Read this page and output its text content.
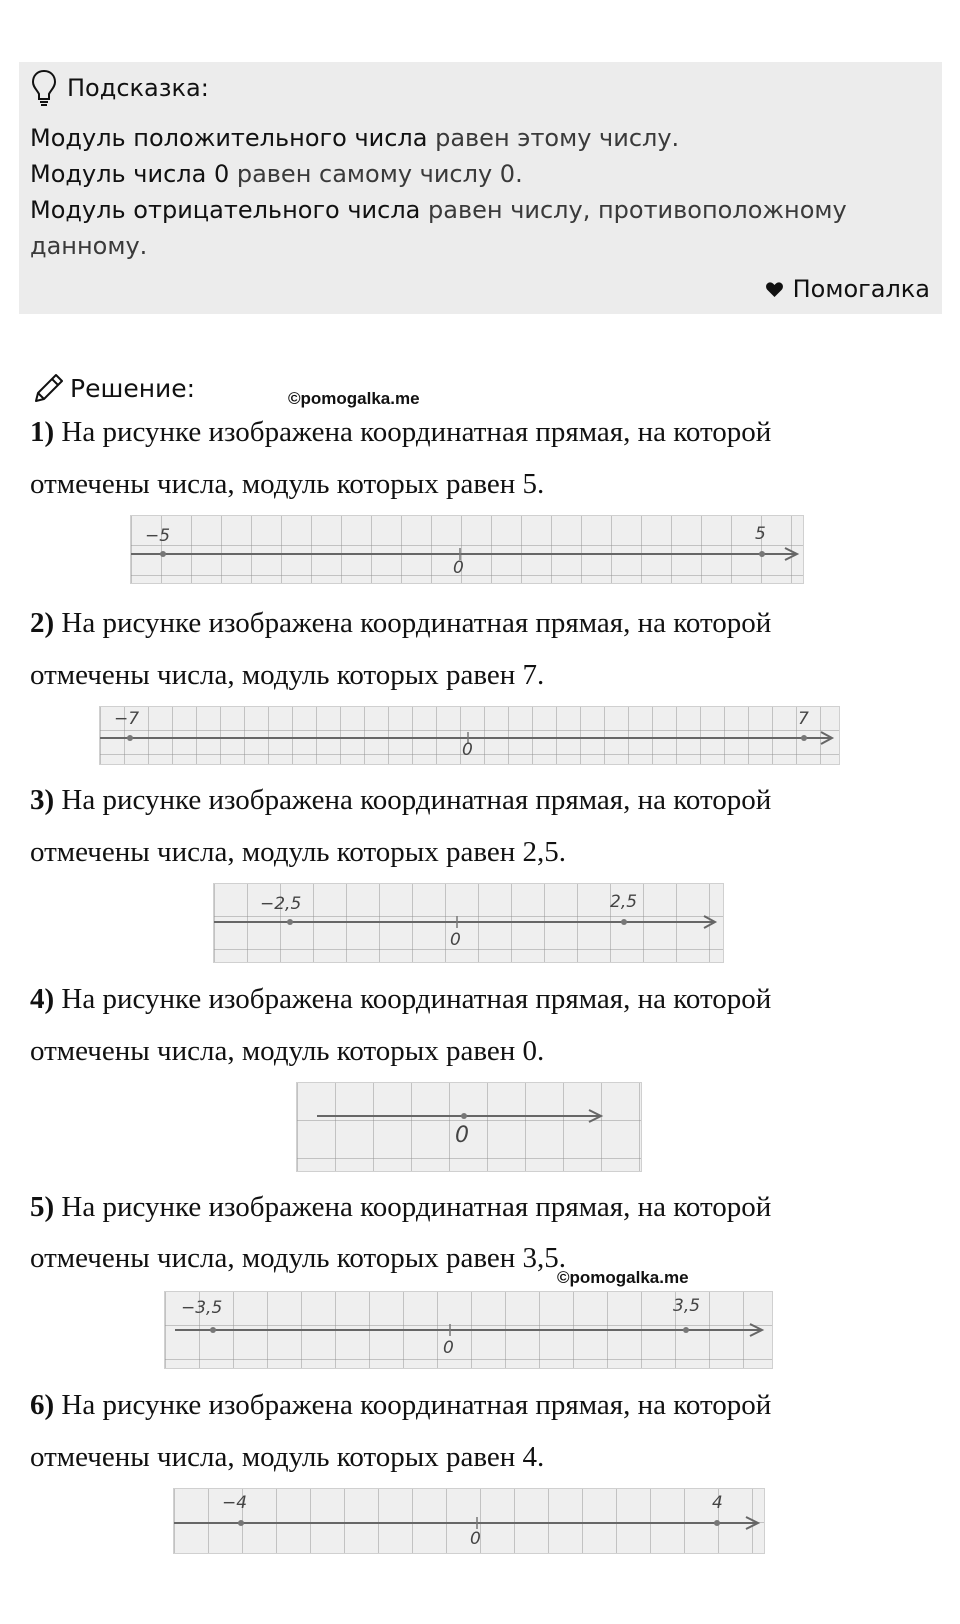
Подсказка:
Модуль положительного числа равен этому числу.
Модуль числа 0 равен самому числу 0.
Модуль отрицательного числа равен числу, противоположному
данному.
Помогалка
Решение:	©pomogalka.me
©pomogalka.me
1) На рисунке изображена координатная прямая, на которой
отмечены числа, модуль которых равен 5.
−5
0
5
2) На рисунке изображена координатная прямая, на которой
отмечены числа, модуль которых равен 7.
−7
0
7
3) На рисунке изображена координатная прямая, на которой
отмечены числа, модуль которых равен 2,5.
−2,5
0
2,5
4) На рисунке изображена координатная прямая, на которой
отмечены числа, модуль которых равен 0.
0
5) На рисунке изображена координатная прямая, на которой
отмечены числа, модуль которых равен 3,5.
−3,5
0
3,5
6) На рисунке изображена координатная прямая, на которой
отмечены числа, модуль которых равен 4.
−4
0
4
